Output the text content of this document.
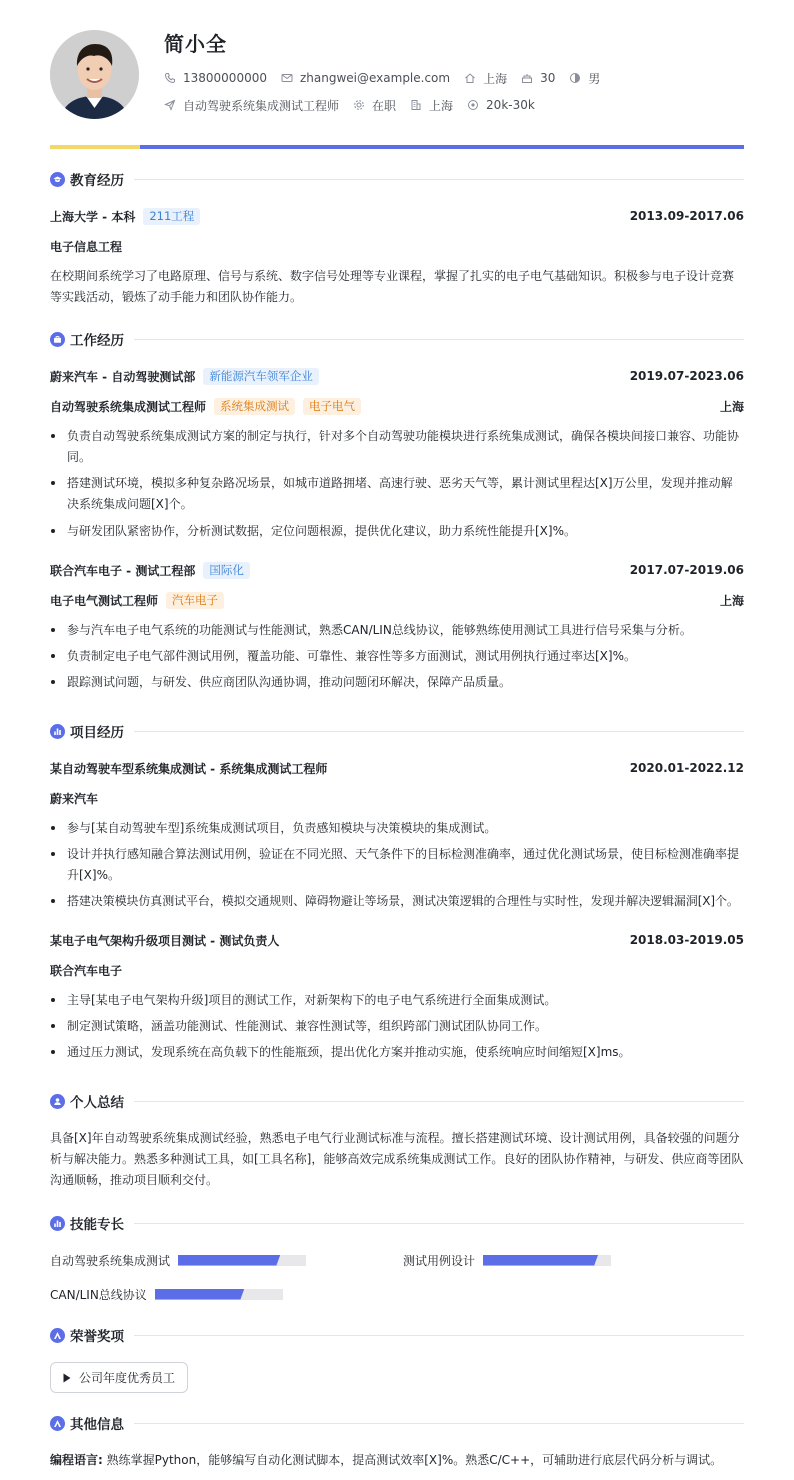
简小全
13800000000	zhangwei@example.com	上海	30	男
自动驾驶系统集成测试工程师	在职	上海	20k-30k
教育经历
上海大学 - 本科	211工程	2013.09-2017.06
电子信息工程
在校期间系统学习了电路原理、信号与系统、数字信号处理等专业课程，掌握了扎实的电子电气基础知识。积极参与电子设计竞赛等实践活动，锻炼了动手能力和团队协作能力。
工作经历
蔚来汽车 - 自动驾驶测试部	新能源汽车领军企业	2019.07-2023.06
自动驾驶系统集成测试工程师	系统集成测试	电子电气	上海
负责自动驾驶系统集成测试方案的制定与执行，针对多个自动驾驶功能模块进行系统集成测试，确保各模块间接口兼容、功能协同。
搭建测试环境，模拟多种复杂路况场景，如城市道路拥堵、高速行驶、恶劣天气等，累计测试里程达[X]万公里，发现并推动解决系统集成问题[X]个。
与研发团队紧密协作，分析测试数据，定位问题根源，提供优化建议，助力系统性能提升[X]%。
联合汽车电子 - 测试工程部	国际化	2017.07-2019.06
电子电气测试工程师	汽车电子	上海
参与汽车电子电气系统的功能测试与性能测试，熟悉CAN/LIN总线协议，能够熟练使用测试工具进行信号采集与分析。
负责制定电子电气部件测试用例，覆盖功能、可靠性、兼容性等多方面测试，测试用例执行通过率达[X]%。
跟踪测试问题，与研发、供应商团队沟通协调，推动问题闭环解决，保障产品质量。
项目经历
某自动驾驶车型系统集成测试 - 系统集成测试工程师	2020.01-2022.12
蔚来汽车
参与[某自动驾驶车型]系统集成测试项目，负责感知模块与决策模块的集成测试。
设计并执行感知融合算法测试用例，验证在不同光照、天气条件下的目标检测准确率，通过优化测试场景，使目标检测准确率提升[X]%。
搭建决策模块仿真测试平台，模拟交通规则、障碍物避让等场景，测试决策逻辑的合理性与实时性，发现并解决逻辑漏洞[X]个。
某电子电气架构升级项目测试 - 测试负责人	2018.03-2019.05
联合汽车电子
主导[某电子电气架构升级]项目的测试工作，对新架构下的电子电气系统进行全面集成测试。
制定测试策略，涵盖功能测试、性能测试、兼容性测试等，组织跨部门测试团队协同工作。
通过压力测试，发现系统在高负载下的性能瓶颈，提出优化方案并推动实施，使系统响应时间缩短[X]ms。
个人总结
具备[X]年自动驾驶系统集成测试经验，熟悉电子电气行业测试标准与流程。擅长搭建测试环境、设计测试用例，具备较强的问题分析与解决能力。熟悉多种测试工具，如[工具名称]，能够高效完成系统集成测试工作。良好的团队协作精神，与研发、供应商等团队沟通顺畅，推动项目顺利交付。
技能专长
自动驾驶系统集成测试	测试用例设计
CAN/LIN总线协议
荣誉奖项
公司年度优秀员工
其他信息
编程语言: 熟练掌握Python，能够编写自动化测试脚本，提高测试效率[X]%。熟悉C/C++，可辅助进行底层代码分析与调试。
